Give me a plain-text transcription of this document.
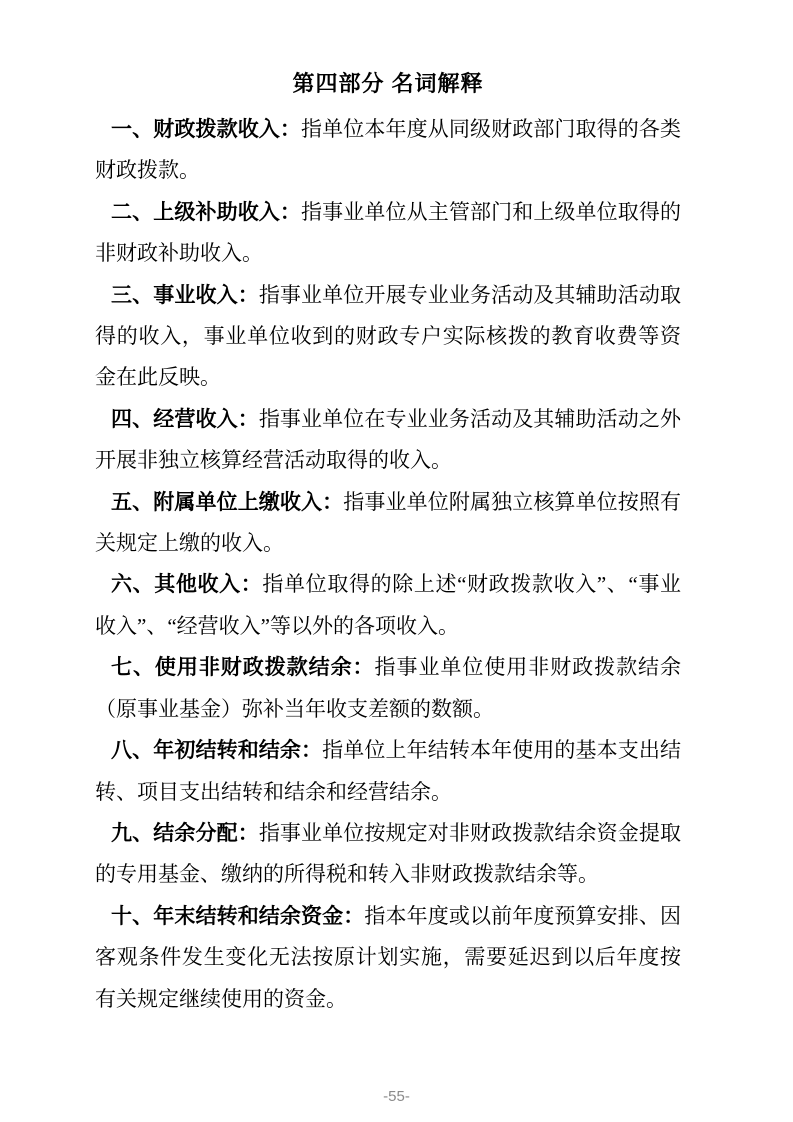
第四部分 名词解释

一、财政拨款收入：指单位本年度从同级财政部门取得的各类财政拨款。

二、上级补助收入：指事业单位从主管部门和上级单位取得的非财政补助收入。

三、事业收入：指事业单位开展专业业务活动及其辅助活动取得的收入，事业单位收到的财政专户实际核拨的教育收费等资金在此反映。

四、经营收入：指事业单位在专业业务活动及其辅助活动之外开展非独立核算经营活动取得的收入。

五、附属单位上缴收入：指事业单位附属独立核算单位按照有关规定上缴的收入。

六、其他收入：指单位取得的除上述“财政拨款收入”、“事业收入”、“经营收入”等以外的各项收入。

七、使用非财政拨款结余：指事业单位使用非财政拨款结余（原事业基金）弥补当年收支差额的数额。

八、年初结转和结余：指单位上年结转本年使用的基本支出结转、项目支出结转和结余和经营结余。

九、结余分配：指事业单位按规定对非财政拨款结余资金提取的专用基金、缴纳的所得税和转入非财政拨款结余等。

十、年末结转和结余资金：指本年度或以前年度预算安排、因客观条件发生变化无法按原计划实施，需要延迟到以后年度按有关规定继续使用的资金。

-55-
